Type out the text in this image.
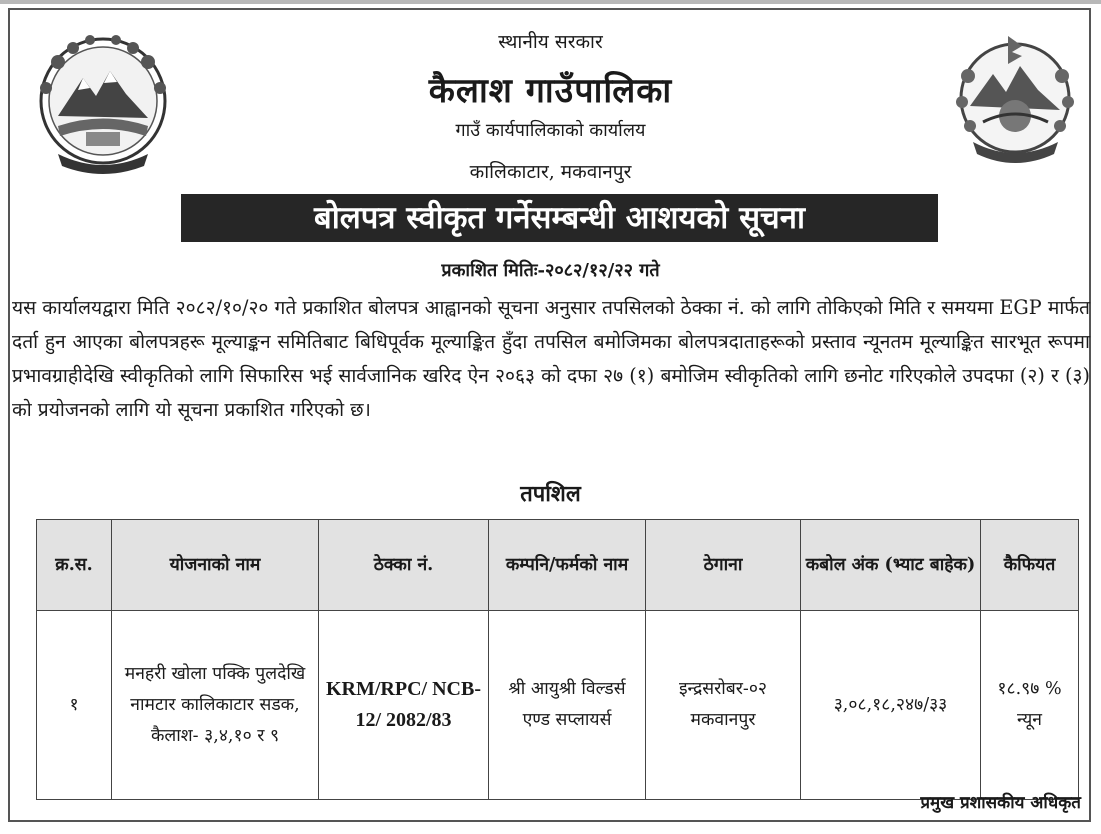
स्थानीय सरकार
कैलाश गाउँपालिका
गाउँ कार्यपालिकाको कार्यालय
कालिकाटार, मकवानपुर
बोलपत्र स्वीकृत गर्नेसम्बन्धी आशयको सूचना
प्रकाशित मितिः-२०८२/१२/२२ गते
यस कार्यालयद्वारा मिति २०८२/१०/२० गते प्रकाशित बोलपत्र आह्वानको सूचना अनुसार तपसिलको ठेक्का नं. को लागि तोकिएको मिति र समयमा EGP मार्फत दर्ता हुन आएका बोलपत्रहरू मूल्याङ्कन समितिबाट बिधिपूर्वक मूल्याङ्कित हुँदा तपसिल बमोजिमका बोलपत्रदाताहरूको प्रस्ताव न्यूनतम मूल्याङ्कित सारभूत रूपमा प्रभावग्राहीदेखि स्वीकृतिको लागि सिफारिस भई सार्वजानिक खरिद ऐन २०६३ को दफा २७ (१) बमोजिम स्वीकृतिको लागि छनोट गरिएकोले उपदफा (२) र (३) को प्रयोजनको लागि यो सूचना प्रकाशित गरिएको छ।
तपशिल
क्र.स.	योजनाको नाम	ठेक्का नं.	कम्पनि/फर्मको नाम	ठेगाना	कबोल अंक (भ्याट बाहेक)	कैफियत
१	मनहरी खोला पक्कि पुलदेखि नामटार कालिकाटार सडक, कैलाश- ३,४,१० र ९	KRM/RPC/ NCB-12/ 2082/83	श्री आयुश्री विल्डर्स एण्ड सप्लायर्स	इन्द्रसरोबर-०२ मकवानपुर	३,०८,१८,२४७/३३	१८.९७ % न्यून
प्रमुख प्रशासकीय अधिकृत
